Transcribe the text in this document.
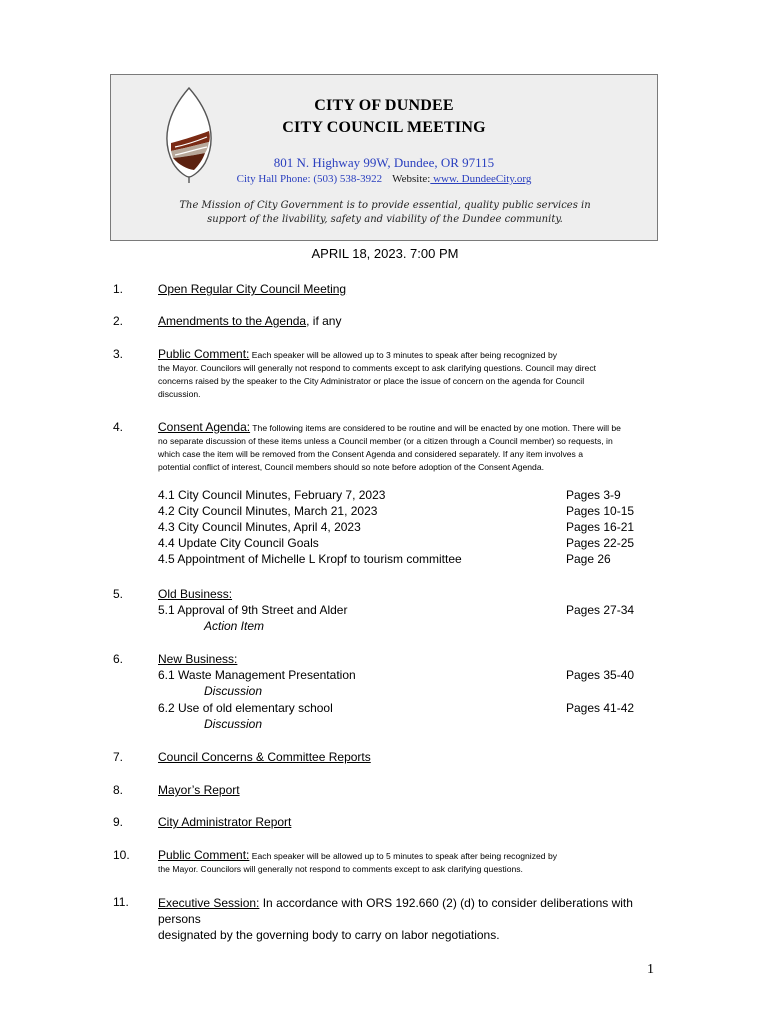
CITY OF DUNDEE
CITY COUNCIL MEETING
801 N. Highway 99W, Dundee, OR 97115
City Hall Phone: (503) 538-3922 Website: www. DundeeCity.org
The Mission of City Government is to provide essential, quality public services in
support of the livability, safety and viability of the Dundee community.
APRIL 18, 2023. 7:00 PM
1.	Open Regular City Council Meeting
2.	Amendments to the Agenda, if any
3.	Public Comment: Each speaker will be allowed up to 3 minutes to speak after being recognized by
the Mayor. Councilors will generally not respond to comments except to ask clarifying questions. Council may direct
concerns raised by the speaker to the City Administrator or place the issue of concern on the agenda for Council
discussion.
4.	Consent Agenda: The following items are considered to be routine and will be enacted by one motion. There will be
no separate discussion of these items unless a Council member (or a citizen through a Council member) so requests, in
which case the item will be removed from the Consent Agenda and considered separately. If any item involves a
potential conflict of interest, Council members should so note before adoption of the Consent Agenda.
4.1 City Council Minutes, February 7, 2023	Pages 3-9
4.2 City Council Minutes, March 21, 2023	Pages 10-15
4.3 City Council Minutes, April 4, 2023	Pages 16-21
4.4 Update City Council Goals	Pages 22-25
4.5 Appointment of Michelle L Kropf to tourism committee	Page 26
5.	Old Business:
5.1 Approval of 9th Street and Alder	Pages 27-34
Action Item
6.	New Business:
6.1 Waste Management Presentation	Pages 35-40
Discussion
6.2 Use of old elementary school	Pages 41-42
Discussion
7.	Council Concerns & Committee Reports
8.	Mayor’s Report
9.	City Administrator Report
10. Public Comment: Each speaker will be allowed up to 5 minutes to speak after being recognized by
the Mayor. Councilors will generally not respond to comments except to ask clarifying questions.
11. Executive Session: In accordance with ORS 192.660 (2) (d) to consider deliberations with persons
designated by the governing body to carry on labor negotiations.
1
